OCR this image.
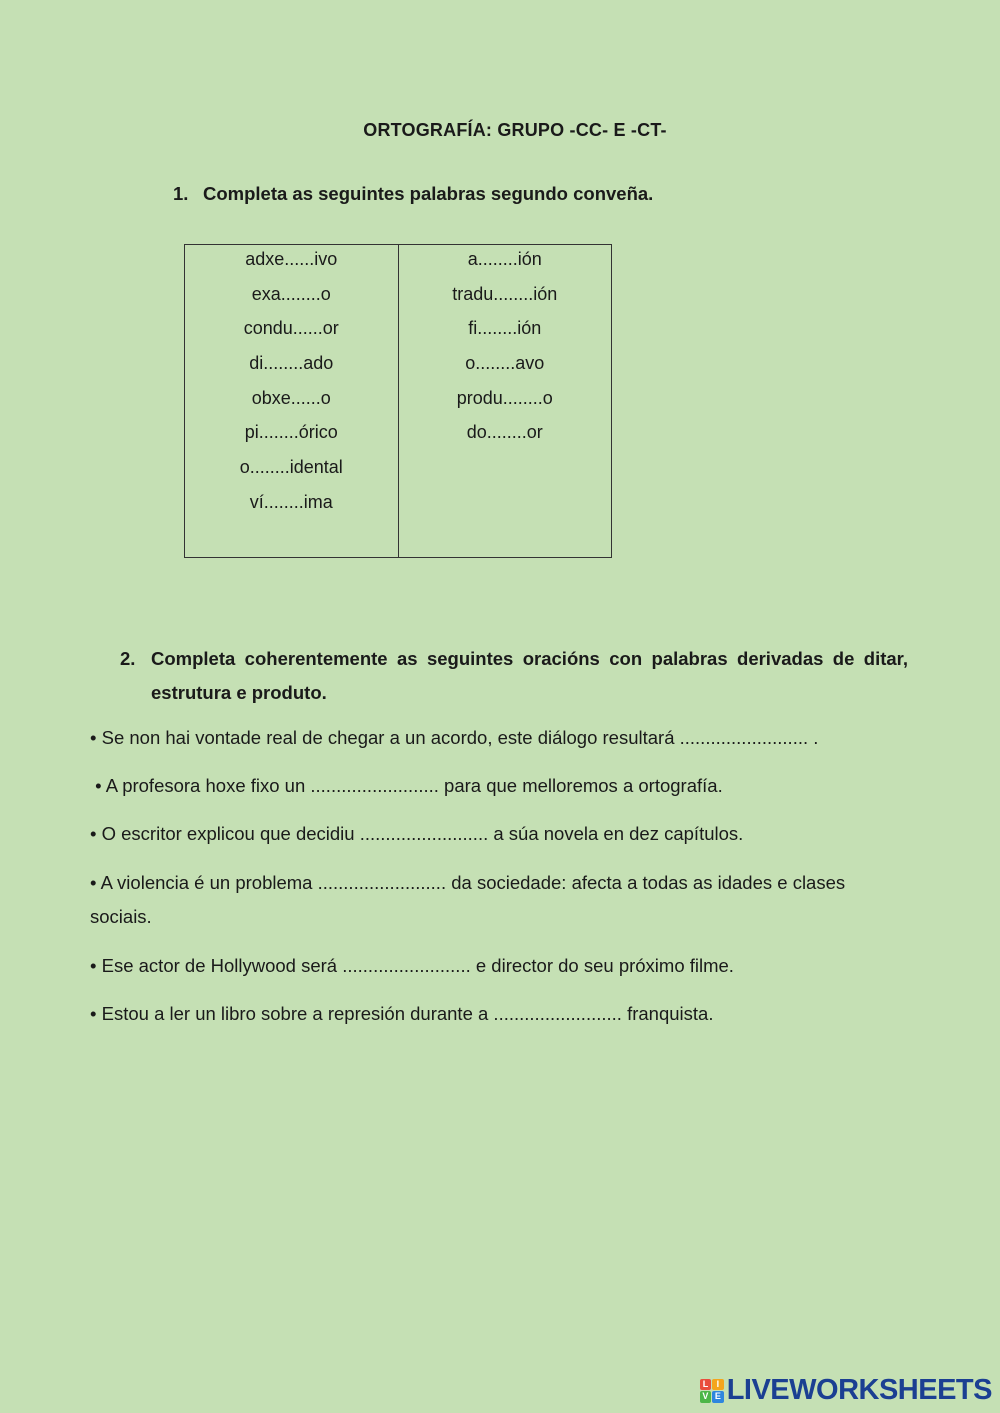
ORTOGRAFÍA: GRUPO -CC- E -CT-
1. Completa as seguintes palabras segundo conveña.
adxe......ivo
exa........o
condu......or
di........ado
obxe......o
pi........órico
o........idental
ví........ima
a........ión
tradu........ión
fi........ión
o........avo
produ........o
do........or
2. Completa coherentemente as seguintes oracións con palabras derivadas de ditar, estrutura e produto.
• Se non hai vontade real de chegar a un acordo, este diálogo resultará ......................... .
• A profesora hoxe fixo un ......................... para que melloremos a ortografía.
• O escritor explicou que decidiu ......................... a súa novela en dez capítulos.
• A violencia é un problema ......................... da sociedade: afecta a todas as idades e clases sociais.
• Ese actor de Hollywood será ......................... e director do seu próximo filme.
• Estou a ler un libro sobre a represión durante a ......................... franquista.
L I
V E LIVEWORKSHEETS
